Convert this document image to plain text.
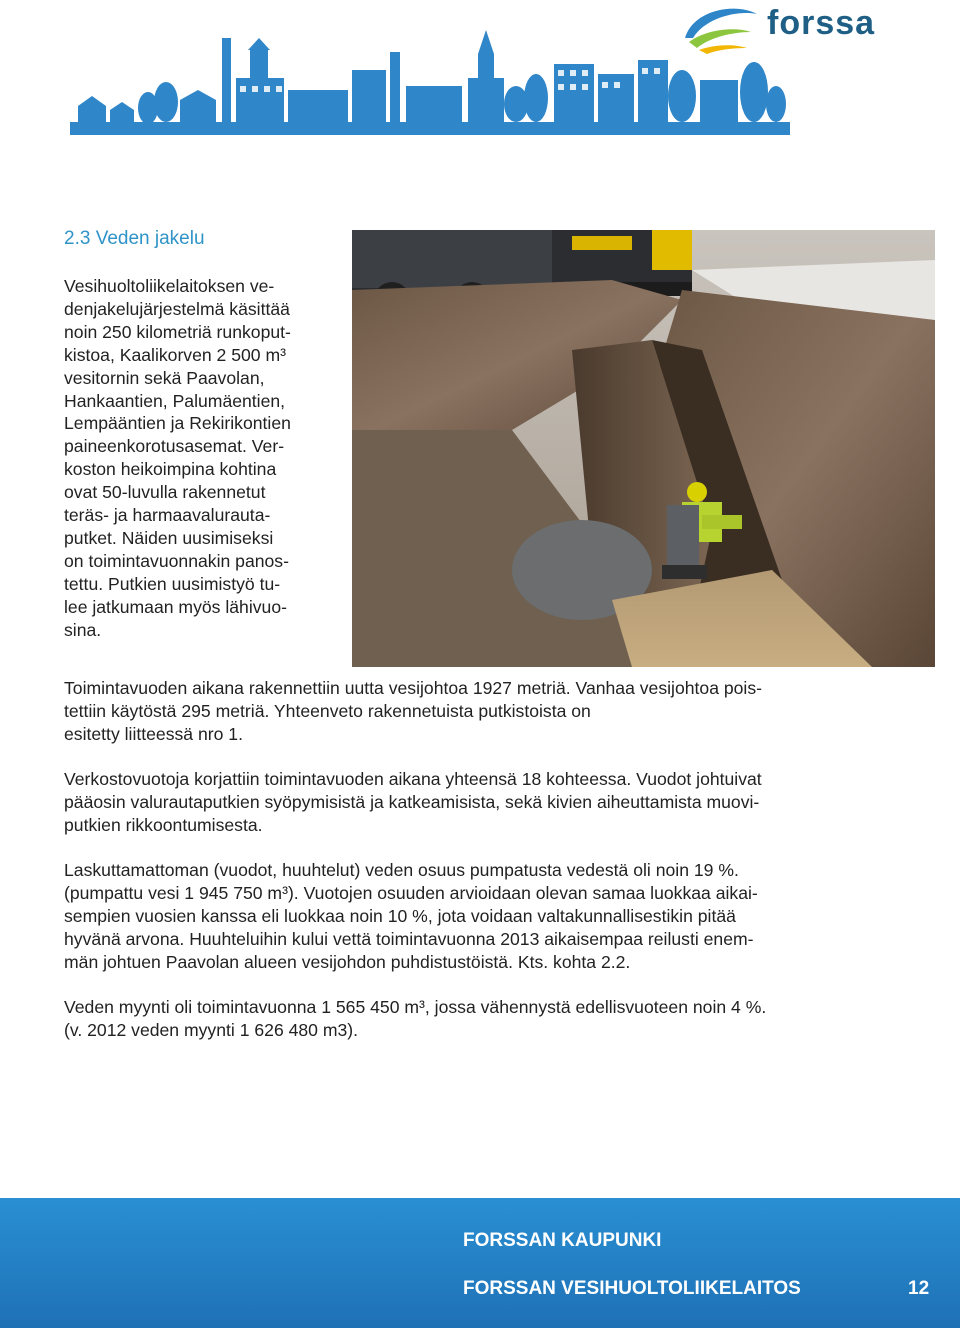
forssa
2.3 Veden jakelu
Vesihuoltoliikelaitoksen ve-
denjakelujärjestelmä käsittää
noin 250 kilometriä runkoput-
kistoa, Kaalikorven 2 500 m³
vesitornin sekä Paavolan,
Hankaantien, Palumäentien,
Lempääntien ja Rekirikontien
paineenkorotusasemat. Ver-
koston heikoimpina kohtina
ovat 50-luvulla rakennetut
teräs- ja harmaavalurauta-
putket. Näiden uusimiseksi
on toimintavuonnakin panos-
tettu. Putkien uusimistyö tu-
lee jatkumaan myös lähivuo-
sina.

Toimintavuoden aikana rakennettiin uutta vesijohtoa 1927 metriä. Vanhaa vesijohtoa pois-
tettiin käytöstä 295 metriä. Yhteenveto rakennetuista putkistoista on
esitetty liitteessä nro 1.

Verkostovuotoja korjattiin toimintavuoden aikana yhteensä 18 kohteessa. Vuodot johtuivat
pääosin valurautaputkien syöpymisistä ja katkeamisista, sekä kivien aiheuttamista muovi-
putkien rikkoontumisesta.

Laskuttamattoman (vuodot, huuhtelut) veden osuus pumpatusta vedestä oli noin 19 %.
(pumpattu vesi 1 945 750 m³). Vuotojen osuuden arvioidaan olevan samaa luokkaa aikai-
sempien vuosien kanssa eli luokkaa noin 10 %, jota voidaan valtakunnallisestikin pitää
hyvänä arvona. Huuhteluihin kului vettä toimintavuonna 2013 aikaisempaa reilusti enem-
män johtuen Paavolan alueen vesijohdon puhdistustöistä. Kts. kohta 2.2.

Veden myynti oli toimintavuonna 1 565 450 m³, jossa vähennystä edellisvuoteen noin 4 %.
(v. 2012 veden myynti 1 626 480 m3).

FORSSAN KAUPUNKI
FORSSAN VESIHUOLTOLIIKELAITOS	12
